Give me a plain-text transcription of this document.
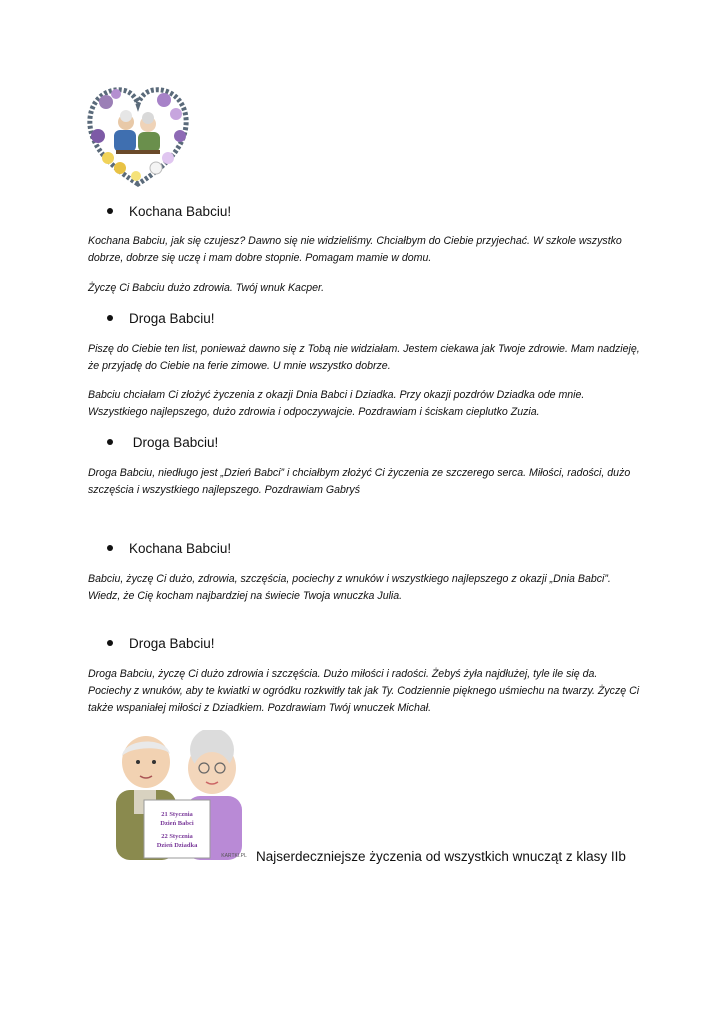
Kochana Babciu!

Kochana Babciu, jak się czujesz? Dawno się nie widzieliśmy. Chciałbym do Ciebie przyjechać. W szkole wszystko dobrze, dobrze się uczę i mam dobre stopnie. Pomagam mamie w domu.

Życzę Ci Babciu dużo zdrowia. Twój wnuk Kacper.

Droga Babciu!

Piszę do Ciebie ten list, ponieważ dawno się z Tobą nie widziałam. Jestem ciekawa jak Twoje zdrowie. Mam nadzieję, że przyjadę do Ciebie na ferie zimowe. U mnie wszystko dobrze.

Babciu chciałam Ci złożyć życzenia z okazji Dnia Babci i Dziadka. Przy okazji pozdrów Dziadka ode mnie. Wszystkiego najlepszego, dużo zdrowia i odpoczywajcie. Pozdrawiam i ściskam cieplutko Zuzia.

Droga Babciu!

Droga Babciu, niedługo jest „Dzień Babci” i chciałbym złożyć Ci życzenia ze szczerego serca. Miłości, radości, dużo szczęścia i wszystkiego najlepszego. Pozdrawiam Gabryś

Kochana Babciu!

Babciu, życzę Ci dużo, zdrowia, szczęścia, pociechy z wnuków i wszystkiego najlepszego z okazji „Dnia Babci”. Wiedz, że Cię kocham najbardziej na świecie Twoja wnuczka Julia.

Droga Babciu!

Droga Babciu, życzę Ci dużo zdrowia i szczęścia. Dużo miłości i radości. Żebyś żyła najdłużej, tyle ile się da. Pociechy z wnuków, aby te kwiatki w ogródku rozkwitły tak jak Ty. Codziennie pięknego uśmiechu na twarzy. Życzę Ci także wspaniałej miłości z Dziadkiem. Pozdrawiam Twój wnuczek Michał.

21 Stycznia
Dzień Babci
22 Stycznia
Dzień Dziadka
KARTKI.PL Najserdeczniejsze życzenia od wszystkich wnucząt z klasy IIb
